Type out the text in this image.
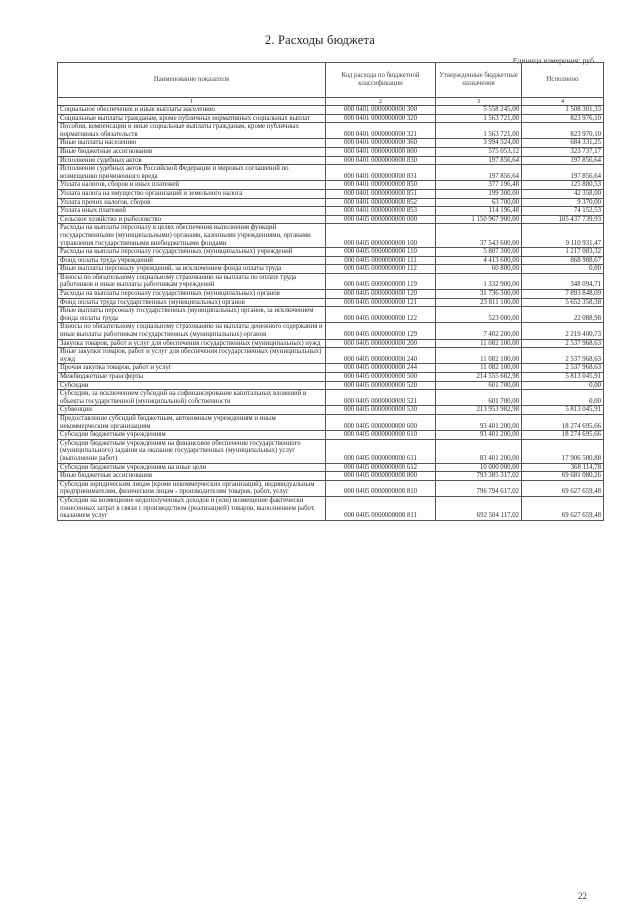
2. Расходы бюджета
Единица измерения: руб.
Наименование показателя	Код расхода по бюджетной классификации	Утвержденные бюджетные назначения	Исполнено
1	2	3	4
Социальное обеспечение и иные выплаты населению	000 0401 0000000000 300	5 558 245,00	1 508 301,33
Социальные выплаты гражданам, кроме публичных нормативных социальных выплат	000 0401 0000000000 320	1 563 721,00	823 976,10
Пособия, компенсации и иные социальные выплаты гражданам, кроме публичных нормативных обязательств	000 0401 0000000000 321	1 563 721,00	823 970,10
Иные выплаты населению	000 0401 0000000000 360	3 994 524,00	684 331,25
Иные бюджетные ассигнования	000 0401 0000000000 800	575 053,12	323 737,17
Исполнение судебных актов	000 0401 0000000000 830	197 856,64	197 856,64
Исполнение судебных актов Российской Федерации и мировых соглашений по возмещению причиненного вреда	000 0401 0000000000 831	197 856,64	197 856,64
Уплата налогов, сборов и иных платежей	000 0401 0000000000 850	377 196,48	125 880,53
Уплата налога на имущество организаций и земельного налога	000 0401 0000000000 851	199 300,00	42 358,00
Уплата прочих налогов, сборов	000 0401 0000000000 852	63 700,00	9 370,00
Уплата иных платежей	000 0401 0000000000 853	114 196,48	74 152,53
Сельское хозяйство и рыболовство	000 0405 0000000000 000	1 150 967 900,00	105 437 739,93
Расходы на выплаты персоналу в целях обеспечения выполнения функций государственными (муниципальными) органами, казенными учреждениями, органами управления государственными внебюджетными фондами	000 0405 0000000000 100	37 543 600,00	9 110 931,47
Расходы на выплаты персоналу государственных (муниципальных) учреждений	000 0405 0000000000 110	5 807 300,00	1 217 083,32
Фонд оплаты труда учреждений	000 0405 0000000000 111	4 413 600,00	868 988,67
Иные выплаты персоналу учреждений, за исключением фонда оплаты труда	000 0405 0000000000 112	60 800,00	0,00
Взносы по обязательному социальному страхованию на выплаты по оплате труда работников и иные выплаты работникам учреждений	000 0405 0000000000 119	1 332 900,00	348 094,71
Расходы на выплаты персоналу государственных (муниципальных) органов	000 0405 0000000000 120	31 736 300,00	7 893 848,09
Фонд оплаты труда государственных (муниципальных) органов	000 0405 0000000000 121	23 811 100,00	5 652 358,38
Иные выплаты персоналу государственных (муниципальных) органов, за исключением фонда оплаты труда	000 0405 0000000000 122	523 000,00	22 088,98
Взносы по обязательному социальному страхованию на выплаты денежного содержания и иные выплаты работникам государственных (муниципальных) органов	000 0405 0000000000 129	7 402 200,00	2 219 400,73
Закупка товаров, работ и услуг для обеспечения государственных (муниципальных) нужд	000 0405 0000000000 200	11 082 100,00	2 537 968,63
Иные закупки товаров, работ и услуг для обеспечения государственных (муниципальных) нужд	000 0405 0000000000 240	11 082 100,00	2 537 968,63
Прочая закупка товаров, работ и услуг	000 0405 0000000000 244	11 082 100,00	2 537 968,63
Межбюджетные трансферты	000 0405 0000000000 500	214 555 682,98	5 813 045,91
Субсидии	000 0405 0000000000 520	601 700,00	0,00
Субсидии, за исключением субсидий на софинансирование капитальных вложений в объекты государственной (муниципальной) собственности	000 0405 0000000000 521	601 700,00	0,00
Субвенции	000 0405 0000000000 530	213 953 982,98	5 813 045,91
Предоставление субсидий бюджетным, автономным учреждениям и иным некоммерческим организациям	000 0405 0000000000 600	93 401 200,00	18 274 695,66
Субсидии бюджетным учреждениям	000 0405 0000000000 610	93 401 200,00	18 274 695,66
Субсидии бюджетным учреждениям на финансовое обеспечение государственного (муниципального) задания на оказание государственных (муниципальных) услуг (выполнение работ)	000 0405 0000000000 611	83 401 200,00	17 906 580,88
Субсидии бюджетным учреждениям на иные цели	000 0405 0000000000 612	10 000 000,00	368 114,78
Иные бюджетные ассигнования	000 0405 0000000000 800	793 385 317,02	69 681 080,26
Субсидии юридическим лицам (кроме некоммерческих организаций), индивидуальным предпринимателям, физическим лицам - производителям товаров, работ, услуг	000 0405 0000000000 810	796 794 617,02	69 627 659,48
Субсидии на возмещение недополученных доходов и (или) возмещение фактически понесенных затрат в связи с производством (реализацией) товаров, выполнением работ, оказанием услуг	000 0405 0000000000 811	692 504 117,02	69 627 659,48
22
